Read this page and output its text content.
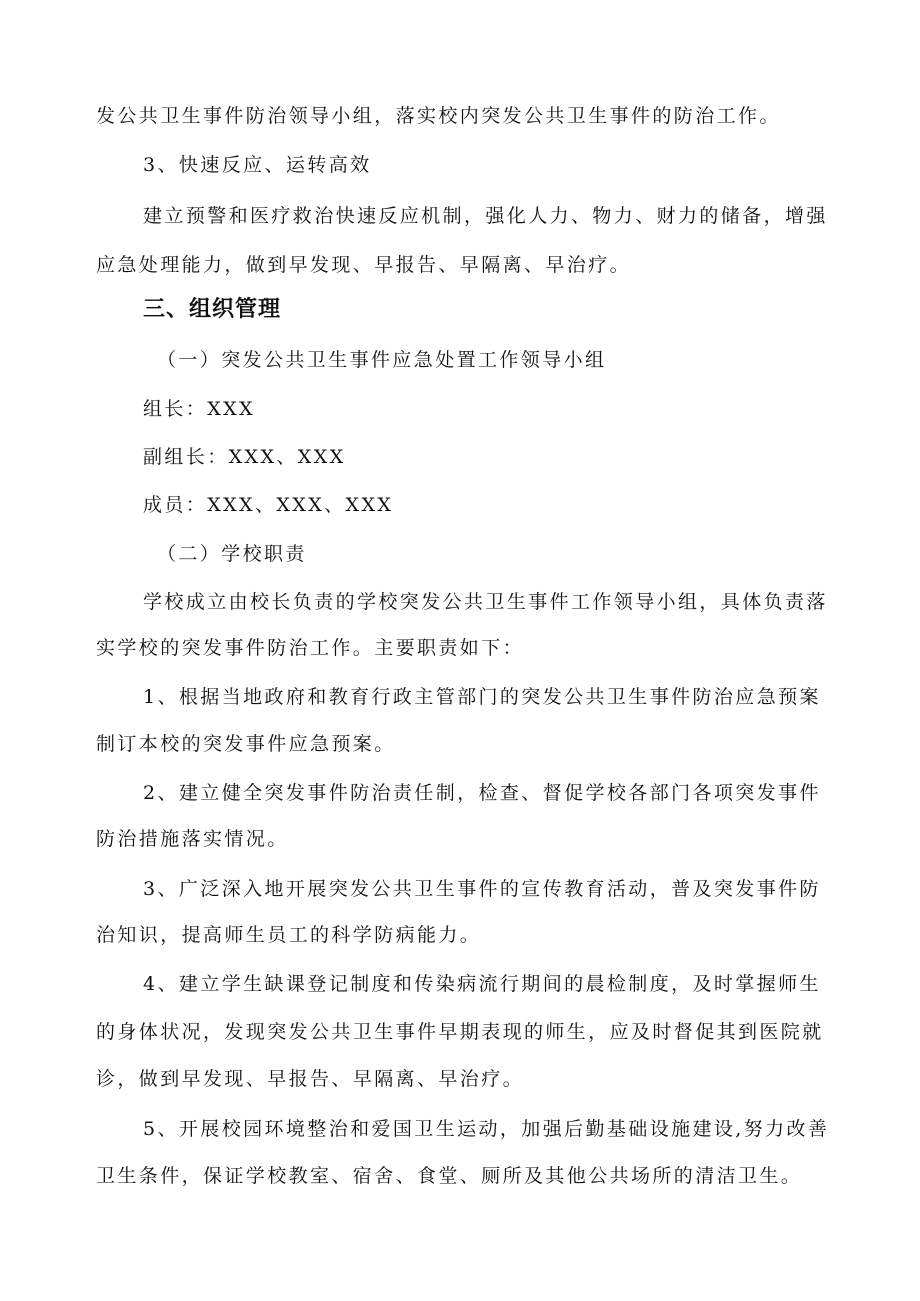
发公共卫生事件防治领导小组，落实校内突发公共卫生事件的防治工作。
3、快速反应、运转高效
建立预警和医疗救治快速反应机制，强化人力、物力、财力的储备，增强
应急处理能力，做到早发现、早报告、早隔离、早治疗。
三、组织管理
（一）突发公共卫生事件应急处置工作领导小组
组长：XXX
副组长：XXX、XXX
成员：XXX、XXX、XXX
（二）学校职责
学校成立由校长负责的学校突发公共卫生事件工作领导小组，具体负责落
实学校的突发事件防治工作。主要职责如下：
1、根据当地政府和教育行政主管部门的突发公共卫生事件防治应急预案
制订本校的突发事件应急预案。
2、建立健全突发事件防治责任制，检查、督促学校各部门各项突发事件
防治措施落实情况。
3、广泛深入地开展突发公共卫生事件的宣传教育活动，普及突发事件防
治知识，提高师生员工的科学防病能力。
4、建立学生缺课登记制度和传染病流行期间的晨检制度，及时掌握师生
的身体状况，发现突发公共卫生事件早期表现的师生，应及时督促其到医院就
诊，做到早发现、早报告、早隔离、早治疗。
5、开展校园环境整治和爱国卫生运动，加强后勤基础设施建设,努力改善
卫生条件，保证学校教室、宿舍、食堂、厕所及其他公共场所的清洁卫生。
